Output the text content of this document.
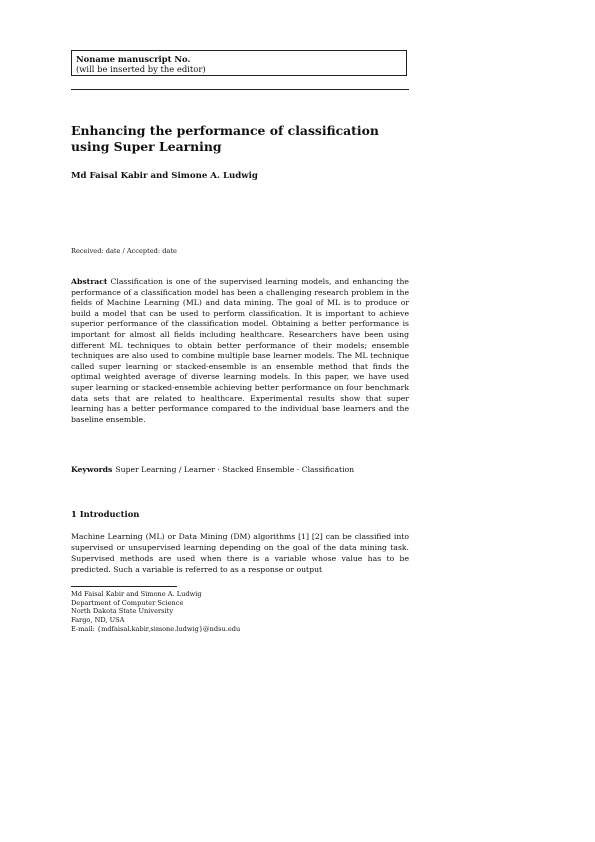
Noname manuscript No.
(will be inserted by the editor)
Enhancing the performance of classification using Super Learning
Md Faisal Kabir and Simone A. Ludwig
Received: date / Accepted: date
Abstract Classification is one of the supervised learning models, and enhancing the performance of a classification model has been a challenging research problem in the fields of Machine Learning (ML) and data mining. The goal of ML is to produce or build a model that can be used to perform classification. It is important to achieve superior performance of the classification model. Obtaining a better performance is important for almost all fields including healthcare. Researchers have been using different ML techniques to obtain better performance of their models; ensemble techniques are also used to combine multiple base learner models. The ML technique called super learning or stacked-ensemble is an ensemble method that finds the optimal weighted average of diverse learning models. In this paper, we have used super learning or stacked-ensemble achieving better performance on four benchmark data sets that are related to healthcare. Experimental results show that super learning has a better performance compared to the individual base learners and the baseline ensemble.
Keywords Super Learning / Learner · Stacked Ensemble · Classification
1 Introduction
Machine Learning (ML) or Data Mining (DM) algorithms [1] [2] can be classified into supervised or unsupervised learning depending on the goal of the data mining task. Supervised methods are used when there is a variable whose value has to be predicted. Such a variable is referred to as a response or output
Md Faisal Kabir and Simone A. Ludwig
Department of Computer Science
North Dakota State University
Fargo, ND, USA
E-mail: {mdfaisal.kabir,simone.ludwig}@ndsu.edu
